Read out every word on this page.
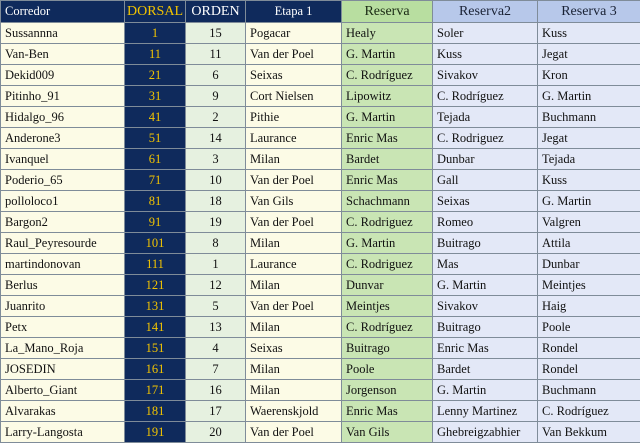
Corredor	DORSAL	ORDEN	Etapa 1	Reserva	Reserva2	Reserva 3
Sussannna	1	15	Pogacar	Healy	Soler	Kuss
Van-Ben	11	11	Van der Poel	G. Martin	Kuss	Jegat
Dekid009	21	6	Seixas	C. Rodríguez	Sivakov	Kron
Pitinho_91	31	9	Cort Nielsen	Lipowitz	C. Rodríguez	G. Martin
Hidalgo_96	41	2	Pithie	G. Martin	Tejada	Buchmann
Anderone3	51	14	Laurance	Enric Mas	C. Rodriguez	Jegat
Ivanquel	61	3	Milan	Bardet	Dunbar	Tejada
Poderio_65	71	10	Van der Poel	Enric Mas	Gall	Kuss
polloloco1	81	18	Van Gils	Schachmann	Seixas	G. Martin
Bargon2	91	19	Van der Poel	C. Rodriguez	Romeo	Valgren
Raul_Peyresourde	101	8	Milan	G. Martin	Buitrago	Attila
martindonovan	111	1	Laurance	C. Rodriguez	Mas	Dunbar
Berlus	121	12	Milan	Dunvar	G. Martin	Meintjes
Juanrito	131	5	Van der Poel	Meintjes	Sivakov	Haig
Petx	141	13	Milan	C. Rodríguez	Buitrago	Poole
La_Mano_Roja	151	4	Seixas	Buitrago	Enric Mas	Rondel
JOSEDIN	161	7	Milan	Poole	Bardet	Rondel
Alberto_Giant	171	16	Milan	Jorgenson	G. Martin	Buchmann
Alvarakas	181	17	Waerenskjold	Enric Mas	Lenny Martinez	C. Rodríguez
Larry-Langosta	191	20	Van der Poel	Van Gils	Ghebreigzabhier	Van Bekkum
